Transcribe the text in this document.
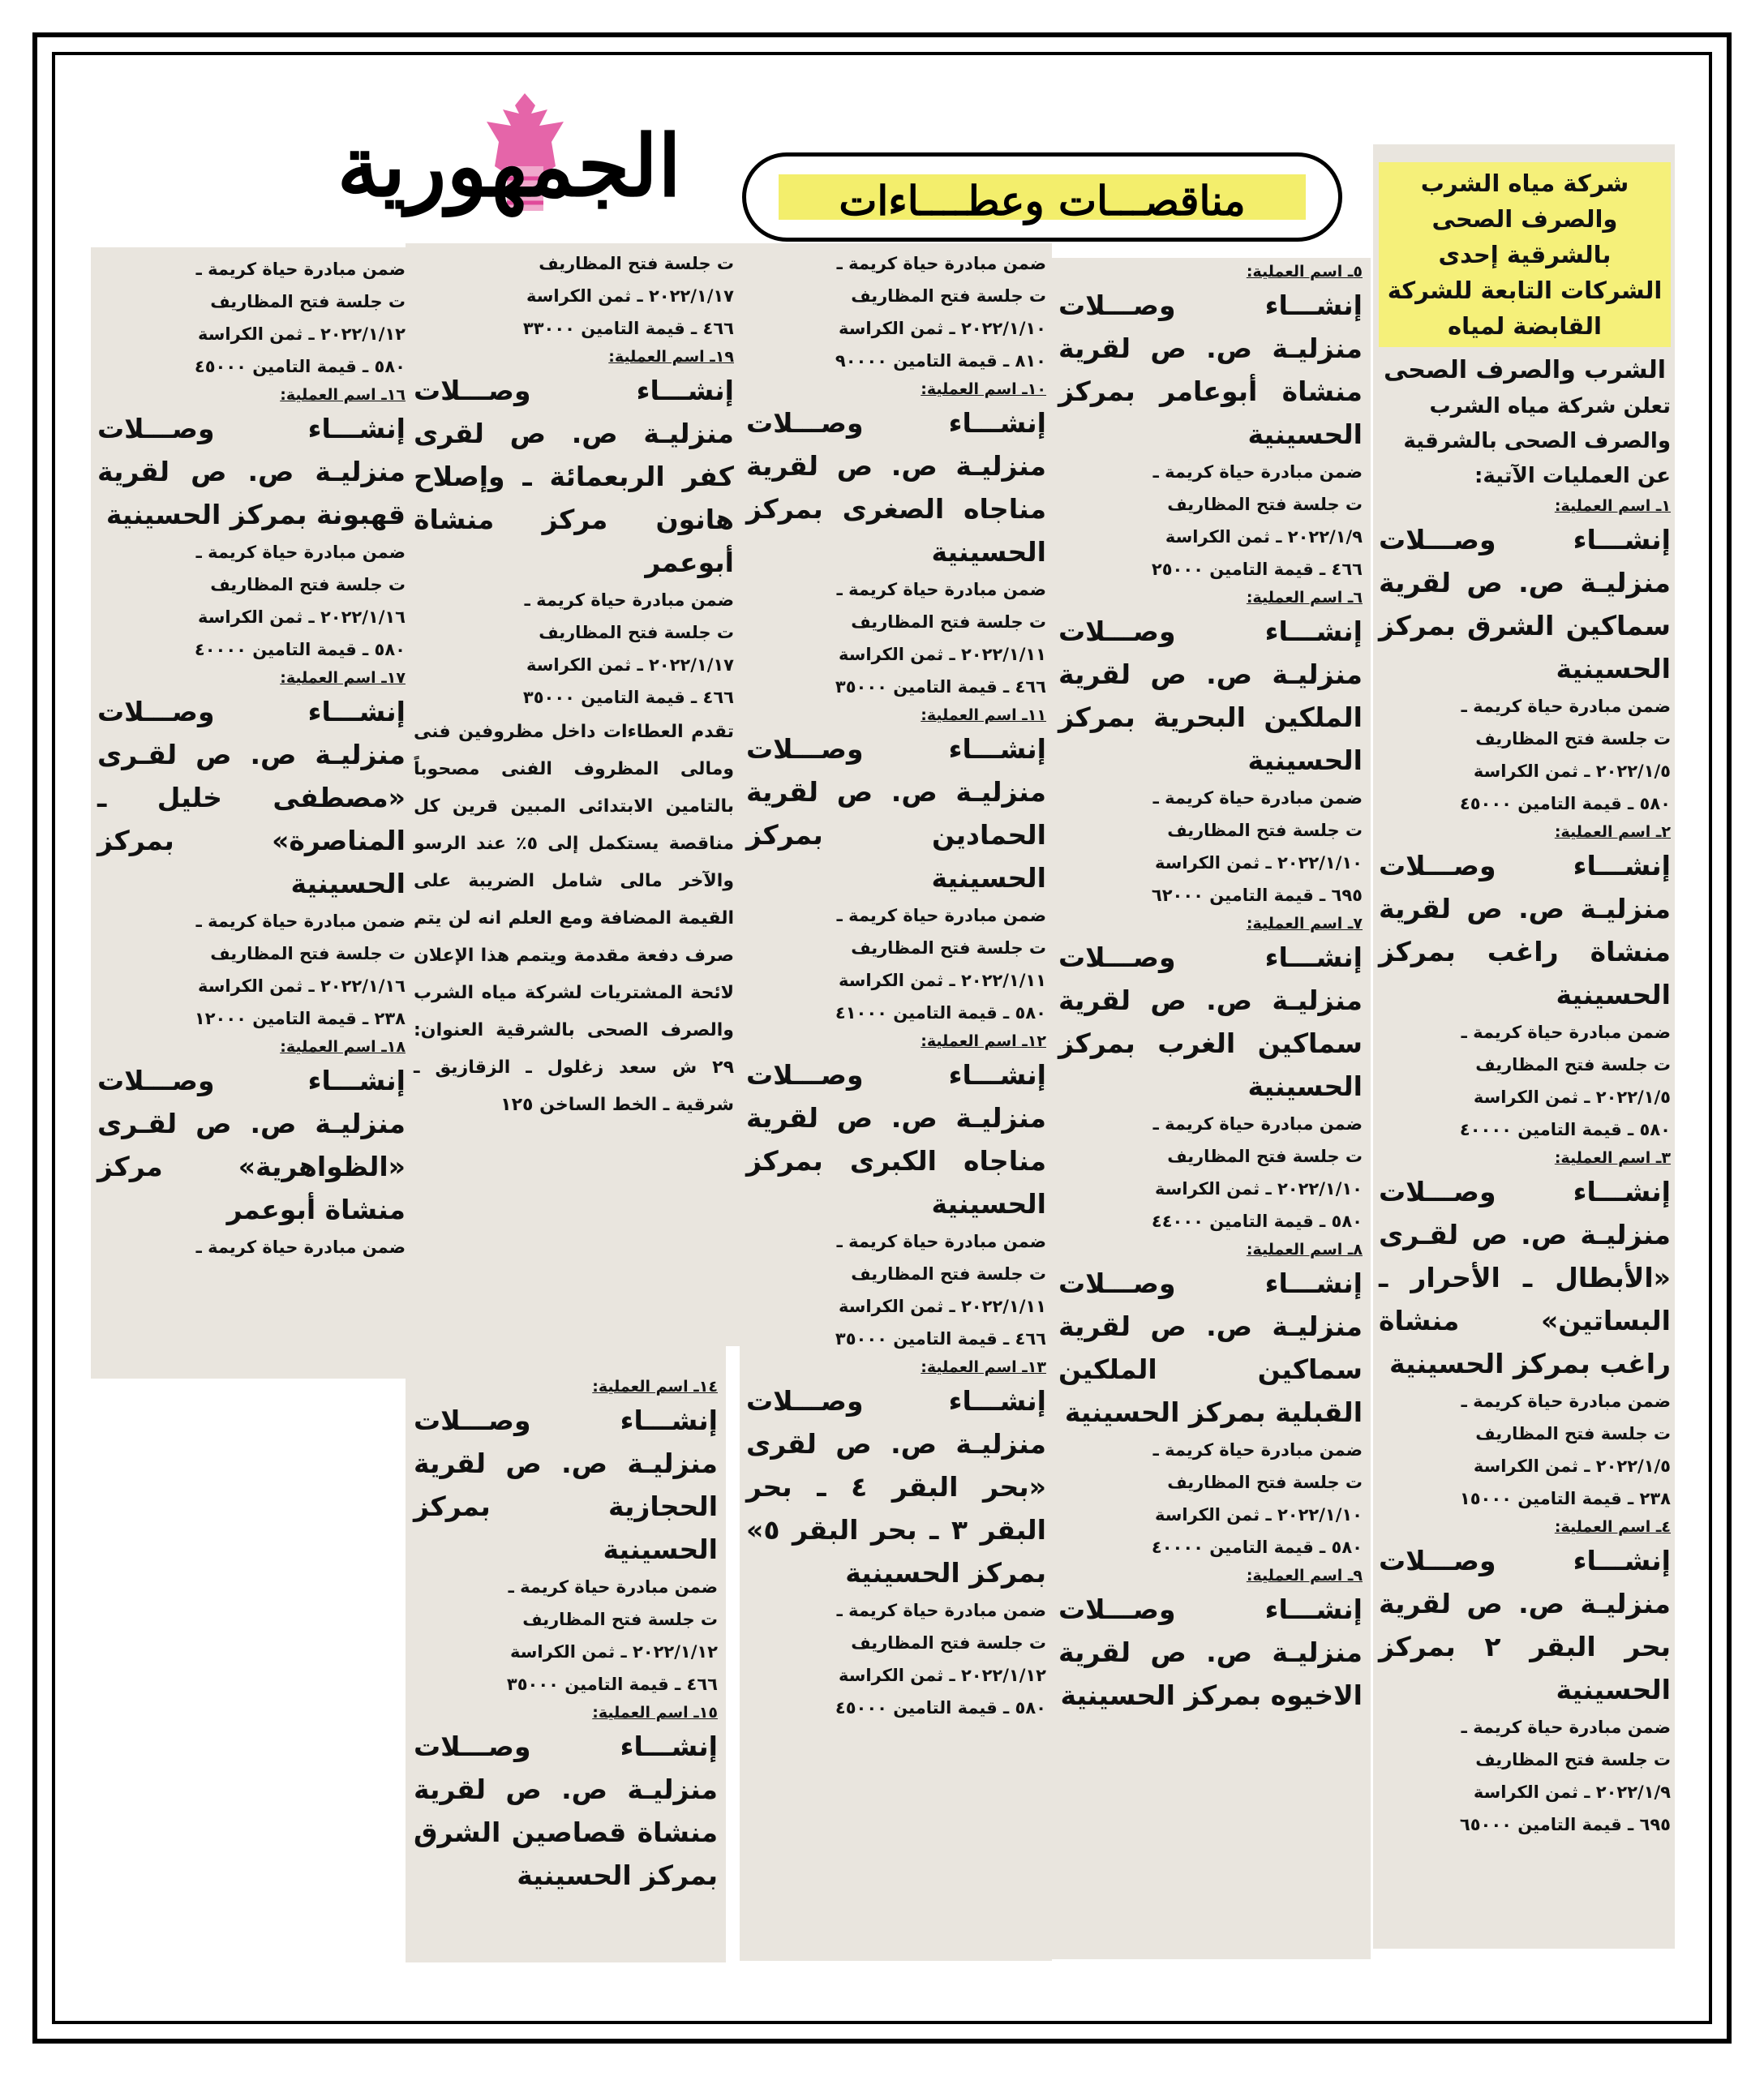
الجمهورية	مناقصـــات وعطــــاءات	شركة مياه الشرب والصرف الصحى بالشرقية إحدى الشركات التابعة للشركة القابضة لمياه
الشرب والصرف الصحى
تعلن شركة مياه الشرب والصرف الصحى بالشرقية عن العمليات الآتية:
١ـ اسم العملية:
إنشـــاء وصـــلات منزليـة ص. ص لقرية سماكين الشرق بمركز الحسينية
ضمن مبادرة حياة كريمة ـ
ت جلسة فتح المظاريف
٢٠٢٢/١/٥ ـ ثمن الكراسة
٥٨٠ ـ قيمة التامين ٤٥٠٠٠
٢ـ اسم العملية:
إنشـــاء وصـــلات منزليـة ص. ص لقرية منشاة راغب بمركز الحسينية
ضمن مبادرة حياة كريمة ـ
ت جلسة فتح المظاريف
٢٠٢٢/١/٥ ـ ثمن الكراسة
٥٨٠ ـ قيمة التامين ٤٠٠٠٠
٣ـ اسم العملية:
إنشـــاء وصـــلات منزليـة ص. ص لقـرى «الأبطال ـ الأحرار ـ البساتين» منشاة راغب بمركز الحسينية
ضمن مبادرة حياة كريمة ـ
ت جلسة فتح المظاريف
٢٠٢٢/١/٥ ـ ثمن الكراسة
٢٣٨ ـ قيمة التامين ١٥٠٠٠
٤ـ اسم العملية:
إنشـــاء وصـــلات منزليـة ص. ص لقرية بحر البقر ٢ بمركز الحسينية
ضمن مبادرة حياة كريمة ـ
ت جلسة فتح المظاريف
٢٠٢٢/١/٩ ـ ثمن الكراسة
٦٩٥ ـ قيمة التامين ٦٥٠٠٠
٥ـ اسم العملية:
إنشـــاء وصـــلات منزليـة ص. ص لقرية منشاة أبوعامر بمركز الحسينية
ضمن مبادرة حياة كريمة ـ
ت جلسة فتح المظاريف
٢٠٢٢/١/٩ ـ ثمن الكراسة
٤٦٦ ـ قيمة التامين ٢٥٠٠٠
٦ـ اسم العملية:
إنشـــاء وصـــلات منزليـة ص. ص لقرية الملكين البحرية بمركز الحسينية
ضمن مبادرة حياة كريمة ـ
ت جلسة فتح المظاريف
٢٠٢٢/١/١٠ ـ ثمن الكراسة
٦٩٥ ـ قيمة التامين ٦٢٠٠٠
٧ـ اسم العملية:
إنشـــاء وصـــلات منزليـة ص. ص لقرية سماكين الغرب بمركز الحسينية
ضمن مبادرة حياة كريمة ـ
ت جلسة فتح المظاريف
٢٠٢٢/١/١٠ ـ ثمن الكراسة
٥٨٠ ـ قيمة التامين ٤٤٠٠٠
٨ـ اسم العملية:
إنشـــاء وصـــلات منزليـة ص. ص لقرية سماكين الملكين القبلية بمركز الحسينية
ضمن مبادرة حياة كريمة ـ
ت جلسة فتح المظاريف
٢٠٢٢/١/١٠ ـ ثمن الكراسة
٥٨٠ ـ قيمة التامين ٤٠٠٠٠
٩ـ اسم العملية:
إنشـــاء وصـــلات منزليـة ص. ص لقرية الاخيوه بمركز الحسينية
ضمن مبادرة حياة كريمة ـ
ت جلسة فتح المظاريف
٢٠٢٢/١/١٠ ـ ثمن الكراسة
٨١٠ ـ قيمة التامين ٩٠٠٠٠
١٠ـ اسم العملية:
إنشـــاء وصـــلات منزليـة ص. ص لقرية مناجاه الصغرى بمركز الحسينية
ضمن مبادرة حياة كريمة ـ
ت جلسة فتح المظاريف
٢٠٢٢/١/١١ ـ ثمن الكراسة
٤٦٦ ـ قيمة التامين ٣٥٠٠٠
١١ـ اسم العملية:
إنشـــاء وصـــلات منزليـة ص. ص لقرية الحمادين بمركز الحسينية
ضمن مبادرة حياة كريمة ـ
ت جلسة فتح المظاريف
٢٠٢٢/١/١١ ـ ثمن الكراسة
٥٨٠ ـ قيمة التامين ٤١٠٠٠
١٢ـ اسم العملية:
إنشـــاء وصـــلات منزليـة ص. ص لقرية مناجاه الكبرى بمركز الحسينية
ضمن مبادرة حياة كريمة ـ
ت جلسة فتح المظاريف
٢٠٢٢/١/١١ ـ ثمن الكراسة
٤٦٦ ـ قيمة التامين ٣٥٠٠٠
١٣ـ اسم العملية:
إنشـــاء وصـــلات منزليـة ص. ص لقرى «بحر البقر ٤ ـ بحر البقر ٣ ـ بحر البقر ٥» بمركز الحسينية
ضمن مبادرة حياة كريمة ـ
ت جلسة فتح المظاريف
٢٠٢٢/١/١٢ ـ ثمن الكراسة
٥٨٠ ـ قيمة التامين ٤٥٠٠٠
ت جلسة فتح المظاريف
٢٠٢٢/١/١٧ ـ ثمن الكراسة
٤٦٦ ـ قيمة التامين ٣٣٠٠٠
١٩ـ اسم العملية:
إنشـــاء وصـــلات منزليـة ص. ص لقرى كفر الربعمائة ـ وإصلاح هانون مركز منشاة أبوعمر
ضمن مبادرة حياة كريمة ـ
ت جلسة فتح المظاريف
٢٠٢٢/١/١٧ ـ ثمن الكراسة
٤٦٦ ـ قيمة التامين ٣٥٠٠٠
تقدم العطاءات داخل مظروفين فنى ومالى المظروف الفنى مصحوباً بالتامين الابتدائى المبين قرين كل مناقصة يستكمل إلى ٥٪ عند الرسو والآخر مالى شامل الضريبة على القيمة المضافة ومع العلم انه لن يتم صرف دفعة مقدمة ويتمم هذا الإعلان لائحة المشتريات لشركة مياه الشرب والصرف الصحى بالشرقية العنوان: ٢٩ ش سعد زغلول ـ الزقازيق ـ شرقية ـ الخط الساخن ١٢٥
١٤ـ اسم العملية:
إنشـــاء وصـــلات منزليـة ص. ص لقرية الحجازية بمركز الحسينية
ضمن مبادرة حياة كريمة ـ
ت جلسة فتح المظاريف
٢٠٢٢/١/١٢ ـ ثمن الكراسة
٤٦٦ ـ قيمة التامين ٣٥٠٠٠
١٥ـ اسم العملية:
إنشـــاء وصـــلات منزليـة ص. ص لقرية منشاة قصاصين الشرق بمركز الحسينية
ضمن مبادرة حياة كريمة ـ
ت جلسة فتح المظاريف
٢٠٢٢/١/١٢ ـ ثمن الكراسة
٥٨٠ ـ قيمة التامين ٤٥٠٠٠
١٦ـ اسم العملية:
إنشـــاء وصـــلات منزليـة ص. ص لقرية قهبونة بمركز الحسينية
ضمن مبادرة حياة كريمة ـ
ت جلسة فتح المظاريف
٢٠٢٢/١/١٦ ـ ثمن الكراسة
٥٨٠ ـ قيمة التامين ٤٠٠٠٠
١٧ـ اسم العملية:
إنشـــاء وصـــلات منزليـة ص. ص لقـرى «مصطفى خليل ـ المناصرة» بمركز الحسينية
ضمن مبادرة حياة كريمة ـ
ت جلسة فتح المظاريف
٢٠٢٢/١/١٦ ـ ثمن الكراسة
٢٣٨ ـ قيمة التامين ١٢٠٠٠
١٨ـ اسم العملية:
إنشـــاء وصـــلات منزليـة ص. ص لقـرى «الظواهرية» مركز منشاة أبوعمر
ضمن مبادرة حياة كريمة ـ
